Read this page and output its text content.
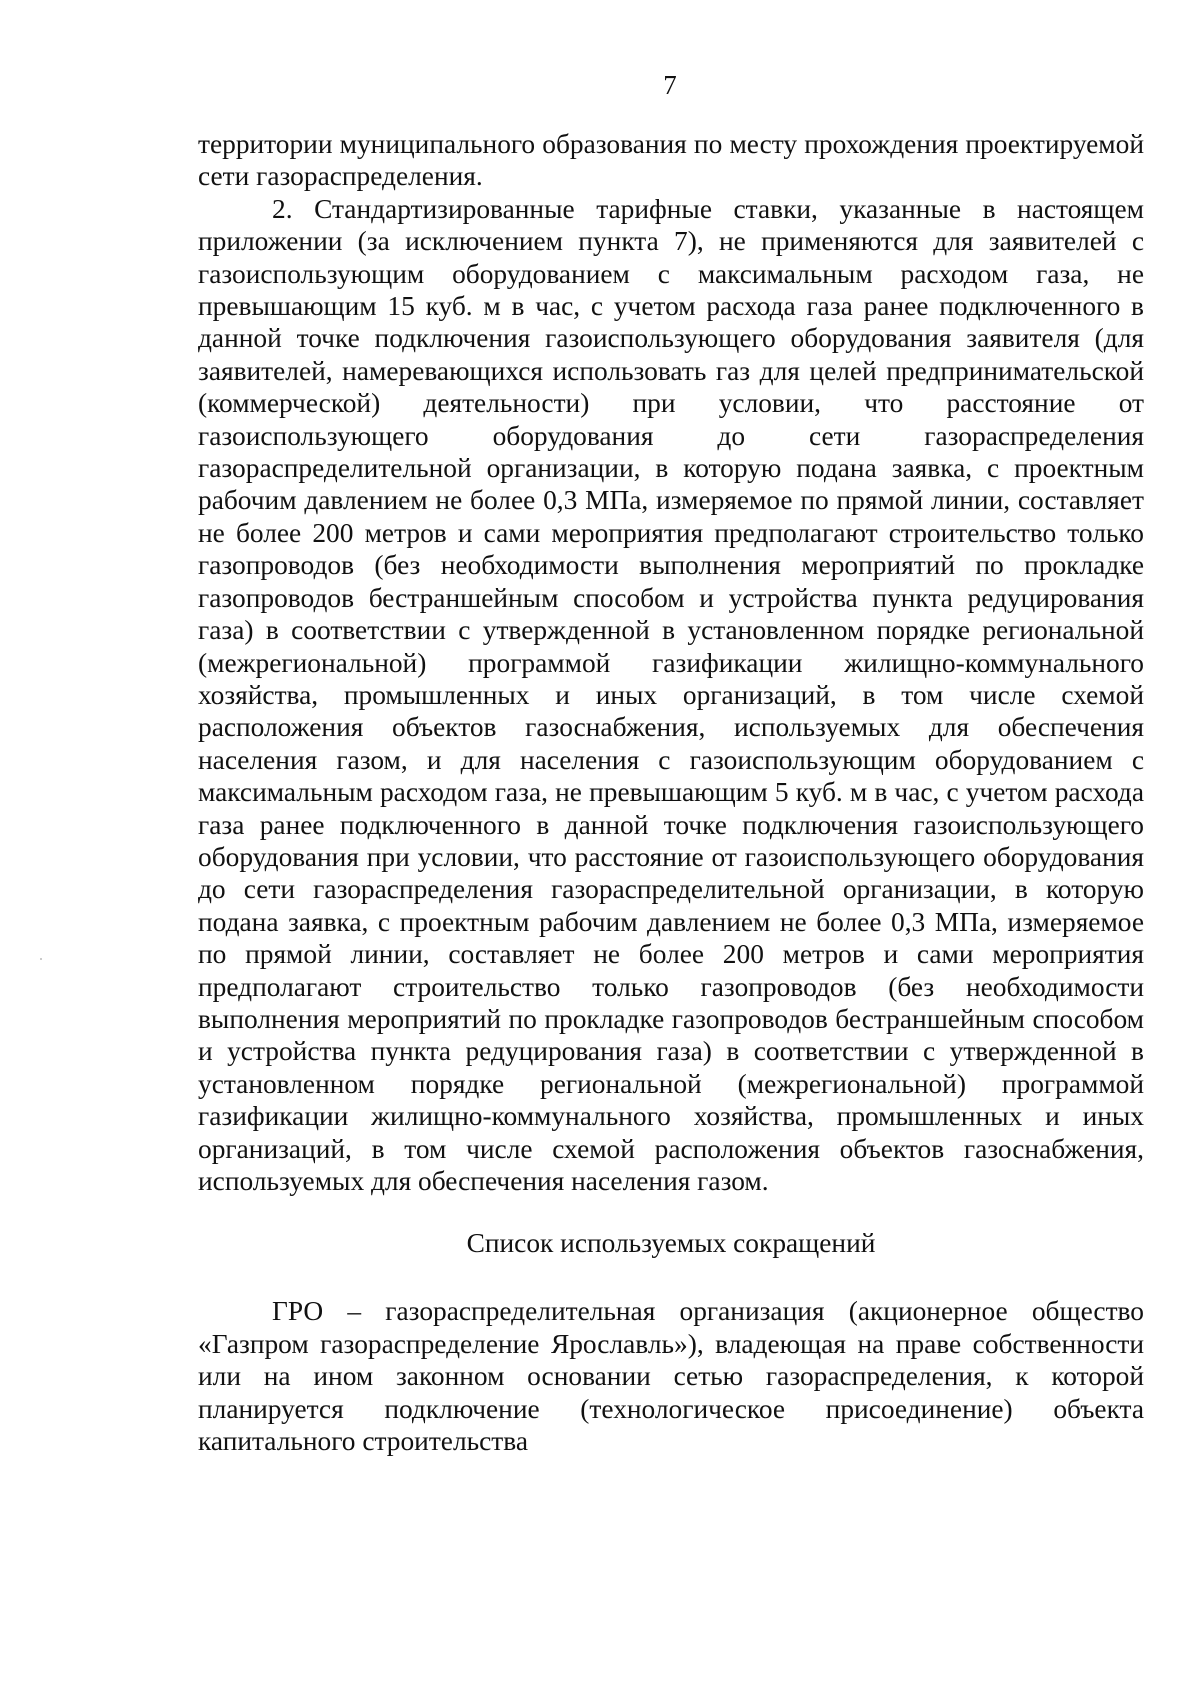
7

территории муниципального образования по месту прохождения проектируемой сети газораспределения.

2. Стандартизированные тарифные ставки, указанные в настоящем приложении (за исключением пункта 7), не применяются для заявителей с газоиспользующим оборудованием с максимальным расходом газа, не превышающим 15 куб. м в час, с учетом расхода газа ранее подключенного в данной точке подключения газоиспользующего оборудования заявителя (для заявителей, намеревающихся использовать газ для целей предпринимательской (коммерческой) деятельности) при условии, что расстояние от газоиспользующего оборудования до сети газораспределения газораспределительной организации, в которую подана заявка, с проектным рабочим давлением не более 0,3 МПа, измеряемое по прямой линии, составляет не более 200 метров и сами мероприятия предполагают строительство только газопроводов (без необходимости выполнения мероприятий по прокладке газопроводов бестраншейным способом и устройства пункта редуцирования газа) в соответствии с утвержденной в установленном порядке региональной (межрегиональной) программой газификации жилищно-коммунального хозяйства, промышленных и иных организаций, в том числе схемой расположения объектов газоснабжения, используемых для обеспечения населения газом, и для населения с газоиспользующим оборудованием с максимальным расходом газа, не превышающим 5 куб. м в час, с учетом расхода газа ранее подключенного в данной точке подключения газоиспользующего оборудования при условии, что расстояние от газоиспользующего оборудования до сети газораспределения газораспределительной организации, в которую подана заявка, с проектным рабочим давлением не более 0,3 МПа, измеряемое по прямой линии, составляет не более 200 метров и сами мероприятия предполагают строительство только газопроводов (без необходимости выполнения мероприятий по прокладке газопроводов бестраншейным способом и устройства пункта редуцирования газа) в соответствии с утвержденной в установленном порядке региональной (межрегиональной) программой газификации жилищно-коммунального хозяйства, промышленных и иных организаций, в том числе схемой расположения объектов газоснабжения, используемых для обеспечения населения газом.

Список используемых сокращений

ГРО – газораспределительная организация (акционерное общество «Газпром газораспределение Ярославль»), владеющая на праве собственности или на ином законном основании сетью газораспределения, к которой планируется подключение (технологическое присоединение) объекта капитального строительства
